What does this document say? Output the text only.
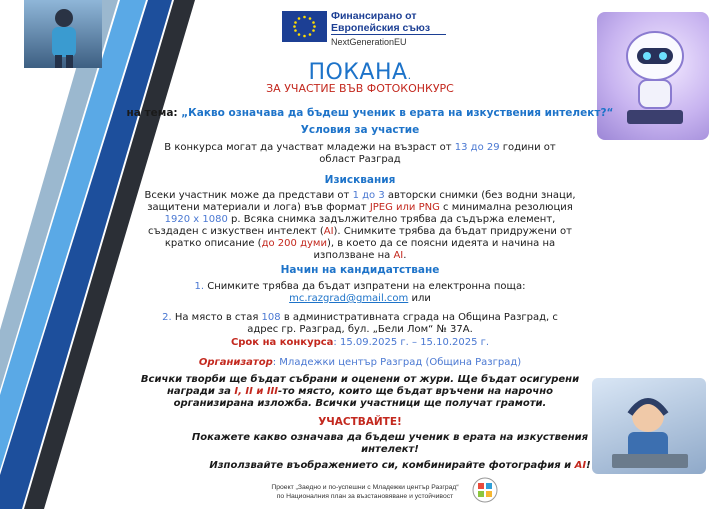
Финансирано от
Европейския съюз
NextGenerationEU
ПОКАНА.
ЗА УЧАСТИЕ ВЪВ ФОТОКОНКУРС
на тема: „Какво означава да бъдеш ученик в ерата на изкуствения интелект?“
Условия за участие
В конкурса могат да участват младежи на възраст от 13 до 29 години от област Разград
Изисквания
Всеки участник може да представи от 1 до 3 авторски снимки (без водни знаци, защитени материали и лога) във формат JPEG или PNG с минимална резолюция 1920 х 1080 р. Всяка снимка задължително трябва да съдържа елемент, създаден с изкуствен интелект (AI). Снимките трябва да бъдат придружени от кратко описание (до 200 думи), в което да се поясни идеята и начина на използване на AI.
Начин на кандидатстване
1. Снимките трябва да бъдат изпратени на електронна поща: mc.razgrad@gmail.com или
2. На място в стая 108 в административната сграда на Община Разград, с адрес гр. Разград, бул. „Бели Лом“ № 37А.
Срок на конкурса: 15.09.2025 г. – 15.10.2025 г.
Организатор: Младежки център Разград (Община Разград)
Всички творби ще бъдат събрани и оценени от жури. Ще бъдат осигурени награди за I, II и III-то място, които ще бъдат връчени на нарочно организирана изложба. Всички участници ще получат грамоти.
УЧАСТВАЙТЕ!
Покажете какво означава да бъдеш ученик в ерата на изкуствения интелект!
Използвайте въображението си, комбинирайте фотография и AI!
Проект „Заедно и по-успешни с Младежки център Разград“
по Националния план за възстановяване и устойчивост
